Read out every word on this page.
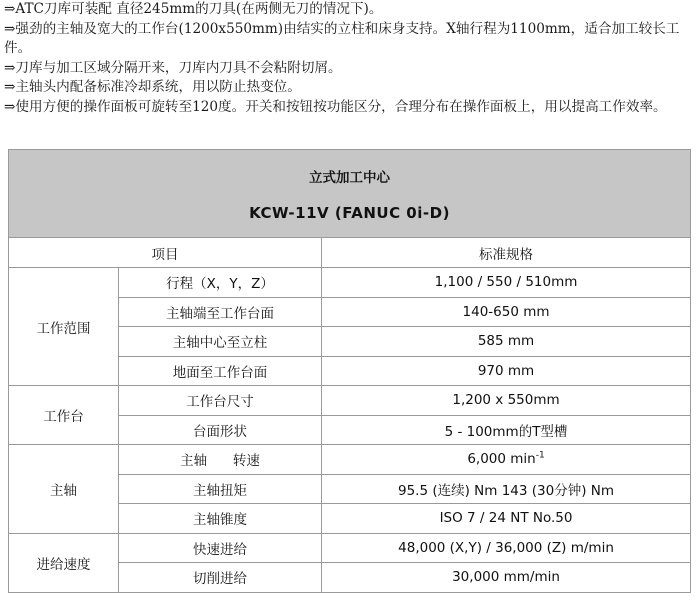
⇒ATC刀库可装配 直径245mm的刀具(在两侧无刀的情况下)。

⇒强劲的主轴及宽大的工作台(1200x550mm)由结实的立柱和床身支持。X轴行程为1100mm，适合加工较长工件。

⇒刀库与加工区域分隔开来，刀库内刀具不会粘附切屑。

⇒主轴头内配备标准冷却系统，用以防止热变位。

⇒使用方便的操作面板可旋转至120度。开关和按钮按功能区分，合理分布在操作面板上，用以提高工作效率。

立式加工中心
KCW-11V (FANUC 0i-D)		

项目		标准规格
工作范围	行程（X，Y，Z）	1,100 / 550 / 510mm
	主轴端至工作台面	140-650 mm
	主轴中心至立柱	585 mm
	地面至工作台面	970 mm
工作台	工作台尺寸	1,200 x 550mm
	台面形状	5 - 100mm的T型槽
主轴	主轴      转速	6,000 $\min^{-1}$
	主轴扭矩	95.5 (连续) Nm 143 (30分钟) Nm
	主轴锥度	ISO 7 / 24 NT No.50
进给速度	快速进给	48,000 (X,Y) / 36,000 (Z) m/min
	切削进给	30,000 mm/min
